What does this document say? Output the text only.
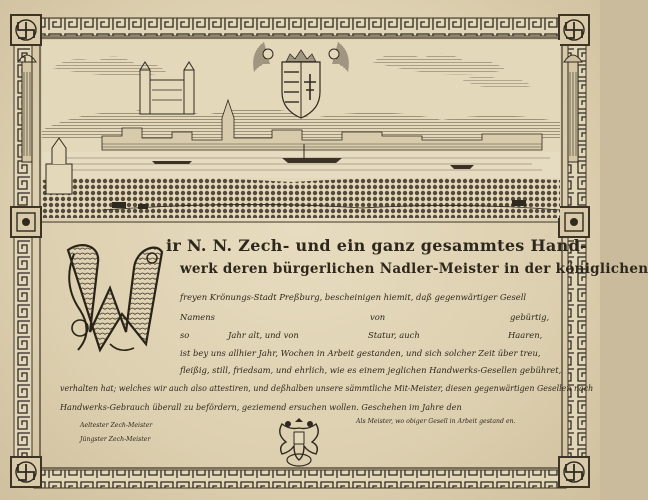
ir N. N. Zech- und ein ganz gesammtes Hand-
werk deren bürgerlichen Nadler-Meister in der königlichen
freyen Krönungs-Stadt Preßburg, bescheinigen hiemit, daß gegenwärtiger Gesell
Namens	von	gebürtig,
so	Jahr alt, und von	Statur, auch	Haaren,
ist bey uns allhier Jahr, Wochen in Arbeit gestanden, und sich solcher Zeit über treu,
fleißig, still, friedsam, und ehrlich, wie es einem jeglichen Handwerks-Gesellen gebühret,
verhalten hat; welches wir auch also attestiren, und deßhalben unsere sämmtliche Mit-Meister, diesen gegenwärtigen Gesellen nach
Handwerks-Gebrauch überall zu befördern, geziemend ersuchen wollen. Geschehen im Jahre den
Aeltester Zech-Meister
Jüngster Zech-Meister
Als Meister, wo obiger Gesell in Arbeit gestand en.
